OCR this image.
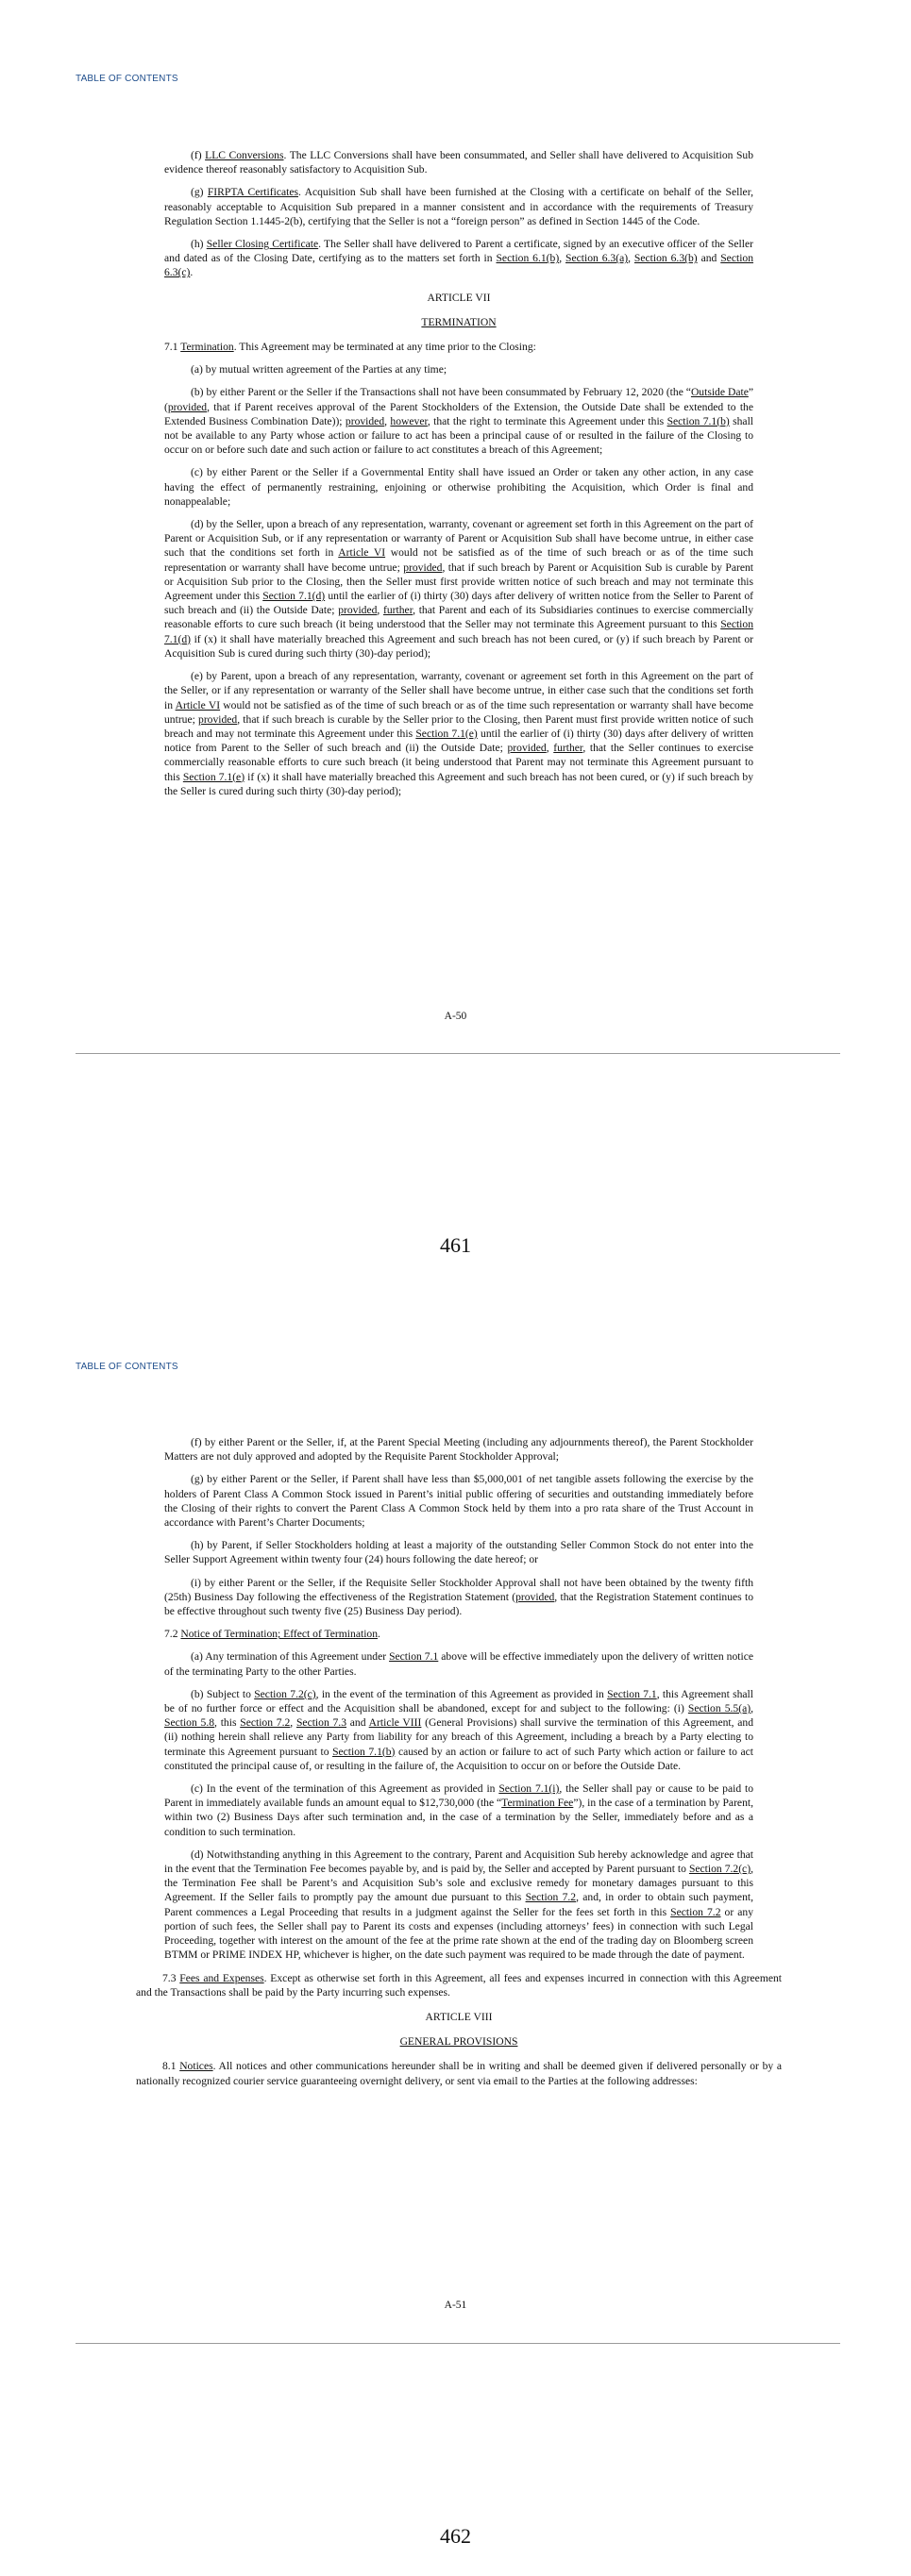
TABLE OF CONTENTS

(f) LLC Conversions. The LLC Conversions shall have been consummated, and Seller shall have delivered to Acquisition Sub evidence thereof reasonably satisfactory to Acquisition Sub.

(g) FIRPTA Certificates. Acquisition Sub shall have been furnished at the Closing with a certificate on behalf of the Seller, reasonably acceptable to Acquisition Sub prepared in a manner consistent and in accordance with the requirements of Treasury Regulation Section 1.1445-2(b), certifying that the Seller is not a “foreign person” as defined in Section 1445 of the Code.

(h) Seller Closing Certificate. The Seller shall have delivered to Parent a certificate, signed by an executive officer of the Seller and dated as of the Closing Date, certifying as to the matters set forth in Section 6.1(b), Section 6.3(a), Section 6.3(b) and Section 6.3(c).

ARTICLE VII

TERMINATION

7.1 Termination. This Agreement may be terminated at any time prior to the Closing:

(a) by mutual written agreement of the Parties at any time;

(b) by either Parent or the Seller if the Transactions shall not have been consummated by February 12, 2020 (the “Outside Date” (provided, that if Parent receives approval of the Parent Stockholders of the Extension, the Outside Date shall be extended to the Extended Business Combination Date)); provided, however, that the right to terminate this Agreement under this Section 7.1(b) shall not be available to any Party whose action or failure to act has been a principal cause of or resulted in the failure of the Closing to occur on or before such date and such action or failure to act constitutes a breach of this Agreement;

(c) by either Parent or the Seller if a Governmental Entity shall have issued an Order or taken any other action, in any case having the effect of permanently restraining, enjoining or otherwise prohibiting the Acquisition, which Order is final and nonappealable;

(d) by the Seller, upon a breach of any representation, warranty, covenant or agreement set forth in this Agreement on the part of Parent or Acquisition Sub, or if any representation or warranty of Parent or Acquisition Sub shall have become untrue, in either case such that the conditions set forth in Article VI would not be satisfied as of the time of such breach or as of the time such representation or warranty shall have become untrue; provided, that if such breach by Parent or Acquisition Sub is curable by Parent or Acquisition Sub prior to the Closing, then the Seller must first provide written notice of such breach and may not terminate this Agreement under this Section 7.1(d) until the earlier of (i) thirty (30) days after delivery of written notice from the Seller to Parent of such breach and (ii) the Outside Date; provided, further, that Parent and each of its Subsidiaries continues to exercise commercially reasonable efforts to cure such breach (it being understood that the Seller may not terminate this Agreement pursuant to this Section 7.1(d) if (x) it shall have materially breached this Agreement and such breach has not been cured, or (y) if such breach by Parent or Acquisition Sub is cured during such thirty (30)-day period);

(e) by Parent, upon a breach of any representation, warranty, covenant or agreement set forth in this Agreement on the part of the Seller, or if any representation or warranty of the Seller shall have become untrue, in either case such that the conditions set forth in Article VI would not be satisfied as of the time of such breach or as of the time such representation or warranty shall have become untrue; provided, that if such breach is curable by the Seller prior to the Closing, then Parent must first provide written notice of such breach and may not terminate this Agreement under this Section 7.1(e) until the earlier of (i) thirty (30) days after delivery of written notice from Parent to the Seller of such breach and (ii) the Outside Date; provided, further, that the Seller continues to exercise commercially reasonable efforts to cure such breach (it being understood that Parent may not terminate this Agreement pursuant to this Section 7.1(e) if (x) it shall have materially breached this Agreement and such breach has not been cured, or (y) if such breach by the Seller is cured during such thirty (30)-day period);

A-50
461
TABLE OF CONTENTS

(f) by either Parent or the Seller, if, at the Parent Special Meeting (including any adjournments thereof), the Parent Stockholder Matters are not duly approved and adopted by the Requisite Parent Stockholder Approval;

(g) by either Parent or the Seller, if Parent shall have less than $5,000,001 of net tangible assets following the exercise by the holders of Parent Class A Common Stock issued in Parent’s initial public offering of securities and outstanding immediately before the Closing of their rights to convert the Parent Class A Common Stock held by them into a pro rata share of the Trust Account in accordance with Parent’s Charter Documents;

(h) by Parent, if Seller Stockholders holding at least a majority of the outstanding Seller Common Stock do not enter into the Seller Support Agreement within twenty four (24) hours following the date hereof; or

(i) by either Parent or the Seller, if the Requisite Seller Stockholder Approval shall not have been obtained by the twenty fifth (25th) Business Day following the effectiveness of the Registration Statement (provided, that the Registration Statement continues to be effective throughout such twenty five (25) Business Day period).

7.2 Notice of Termination; Effect of Termination.

(a) Any termination of this Agreement under Section 7.1 above will be effective immediately upon the delivery of written notice of the terminating Party to the other Parties.

(b) Subject to Section 7.2(c), in the event of the termination of this Agreement as provided in Section 7.1, this Agreement shall be of no further force or effect and the Acquisition shall be abandoned, except for and subject to the following: (i) Section 5.5(a), Section 5.8, this Section 7.2, Section 7.3 and Article VIII (General Provisions) shall survive the termination of this Agreement, and (ii) nothing herein shall relieve any Party from liability for any breach of this Agreement, including a breach by a Party electing to terminate this Agreement pursuant to Section 7.1(b) caused by an action or failure to act of such Party which action or failure to act constituted the principal cause of, or resulting in the failure of, the Acquisition to occur on or before the Outside Date.

(c) In the event of the termination of this Agreement as provided in Section 7.1(i), the Seller shall pay or cause to be paid to Parent in immediately available funds an amount equal to $12,730,000 (the “Termination Fee”), in the case of a termination by Parent, within two (2) Business Days after such termination and, in the case of a termination by the Seller, immediately before and as a condition to such termination.

(d) Notwithstanding anything in this Agreement to the contrary, Parent and Acquisition Sub hereby acknowledge and agree that in the event that the Termination Fee becomes payable by, and is paid by, the Seller and accepted by Parent pursuant to Section 7.2(c), the Termination Fee shall be Parent’s and Acquisition Sub’s sole and exclusive remedy for monetary damages pursuant to this Agreement. If the Seller fails to promptly pay the amount due pursuant to this Section 7.2, and, in order to obtain such payment, Parent commences a Legal Proceeding that results in a judgment against the Seller for the fees set forth in this Section 7.2 or any portion of such fees, the Seller shall pay to Parent its costs and expenses (including attorneys’ fees) in connection with such Legal Proceeding, together with interest on the amount of the fee at the prime rate shown at the end of the trading day on Bloomberg screen BTMM or PRIME INDEX HP, whichever is higher, on the date such payment was required to be made through the date of payment.

7.3 Fees and Expenses. Except as otherwise set forth in this Agreement, all fees and expenses incurred in connection with this Agreement and the Transactions shall be paid by the Party incurring such expenses.

ARTICLE VIII

GENERAL PROVISIONS

8.1 Notices. All notices and other communications hereunder shall be in writing and shall be deemed given if delivered personally or by a nationally recognized courier service guaranteeing overnight delivery, or sent via email to the Parties at the following addresses:

A-51
462
